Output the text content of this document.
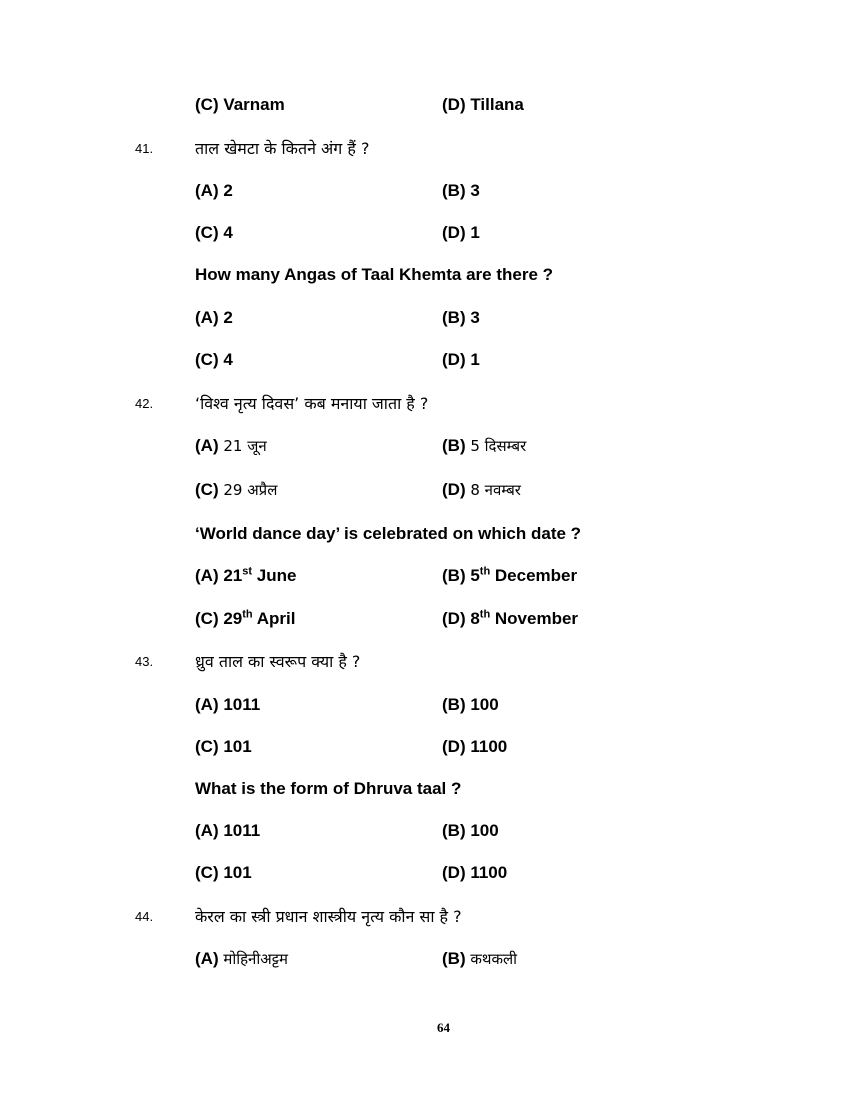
(C) Varnam	(D) Tillana
41.	ताल खेमटा के कितने अंग हैं ?
(A) 2	(B) 3
(C) 4	(D) 1
How many Angas of Taal Khemta are there ?
(A) 2	(B) 3
(C) 4	(D) 1
42.	‘विश्व नृत्य दिवस’ कब मनाया जाता है ?
(A) 21 जून	(B) 5 दिसम्बर
(C) 29 अप्रैल	(D) 8 नवम्बर
‘World dance day’ is celebrated on which date ?
(A) 21st June	(B) 5th December
(C) 29th April	(D) 8th November
43.	ध्रुव ताल का स्वरूप क्या है ?
(A) 1011	(B) 100
(C) 101	(D) 1100
What is the form of Dhruva taal ?
(A) 1011	(B) 100
(C) 101	(D) 1100
44.	केरल का स्त्री प्रधान शास्त्रीय नृत्य कौन सा है ?
(A) मोहिनीअट्टम	(B) कथकली
64
